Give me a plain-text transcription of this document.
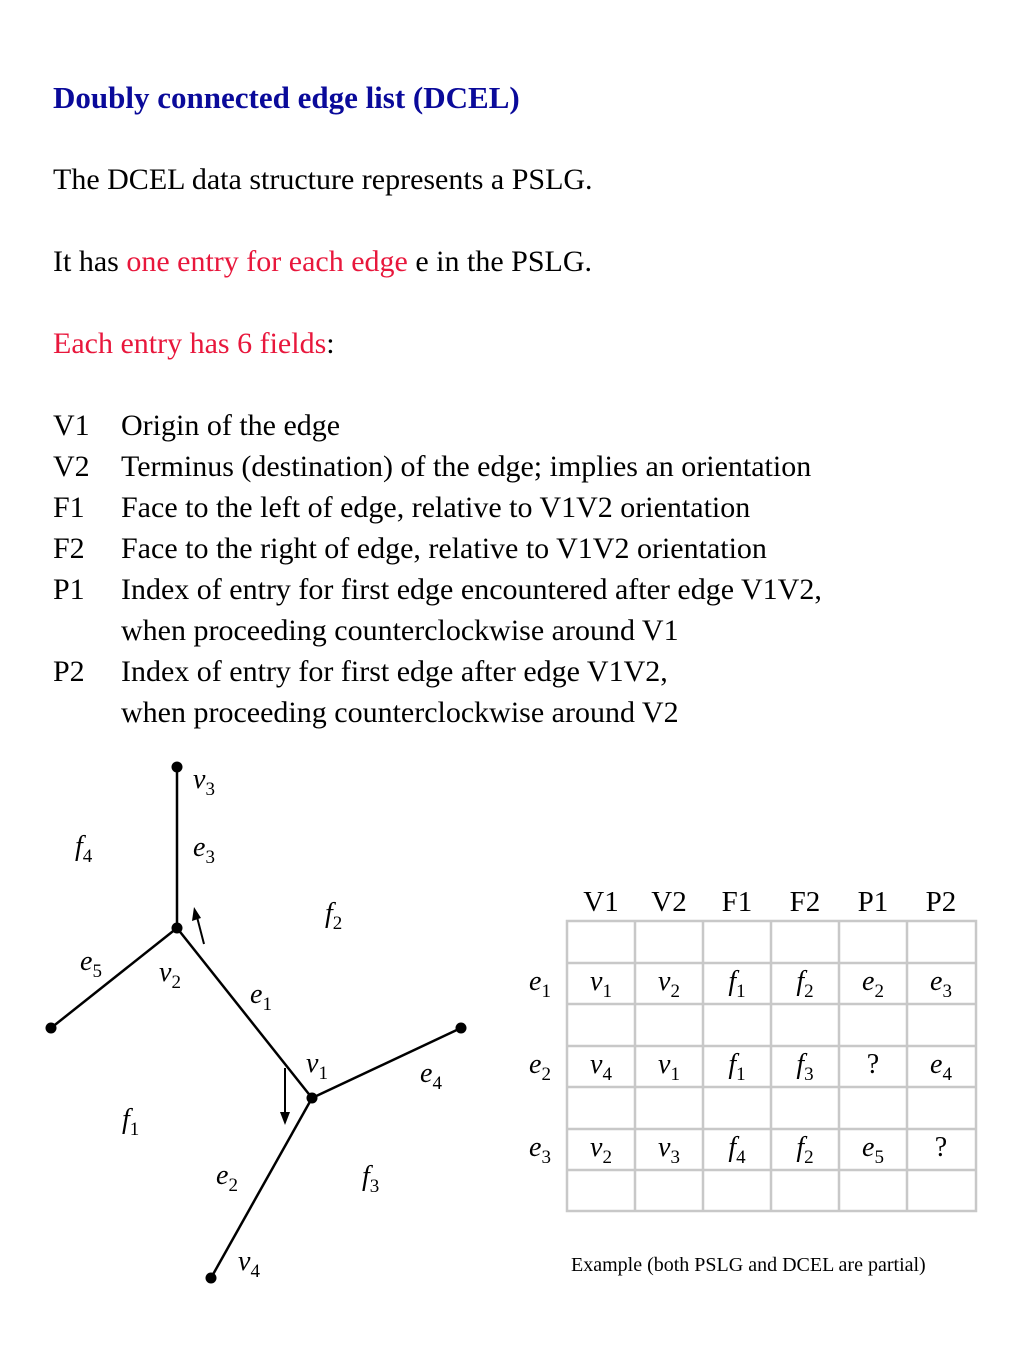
Doubly connected edge list (DCEL)
The DCEL data structure represents a PSLG.
It has one entry for each edge e in the PSLG.
Each entry has 6 fields:
V1	Origin of the edge
V2	Terminus (destination) of the edge; implies an orientation
F1	Face to the left of edge, relative to V1V2 orientation
F2	Face to the right of edge, relative to V1V2 orientation
P1	Index of entry for first edge encountered after edge V1V2,
when proceeding counterclockwise around V1
P2	Index of entry for first edge after edge V1V2,
when proceeding counterclockwise around V2
$v_3$
$v_2$
$v_1$
$v_4$
$e_3$
$e_5$
$e_1$
$e_4$
$e_2$
$f_4$
$f_2$
$f_1$
$f_3$
V1 V2 F1 F2 P1 P2
$e_1$ $v_1$ $v_2$ $f_1$ $f_2$ $e_2$ $e_3$
$e_2$ $v_4$ $v_1$ $f_1$ $f_3$ ? $e_4$
$e_3$ $v_2$ $v_3$ $f_4$ $f_2$ $e_5$ ?
Example (both PSLG and DCEL are partial)
